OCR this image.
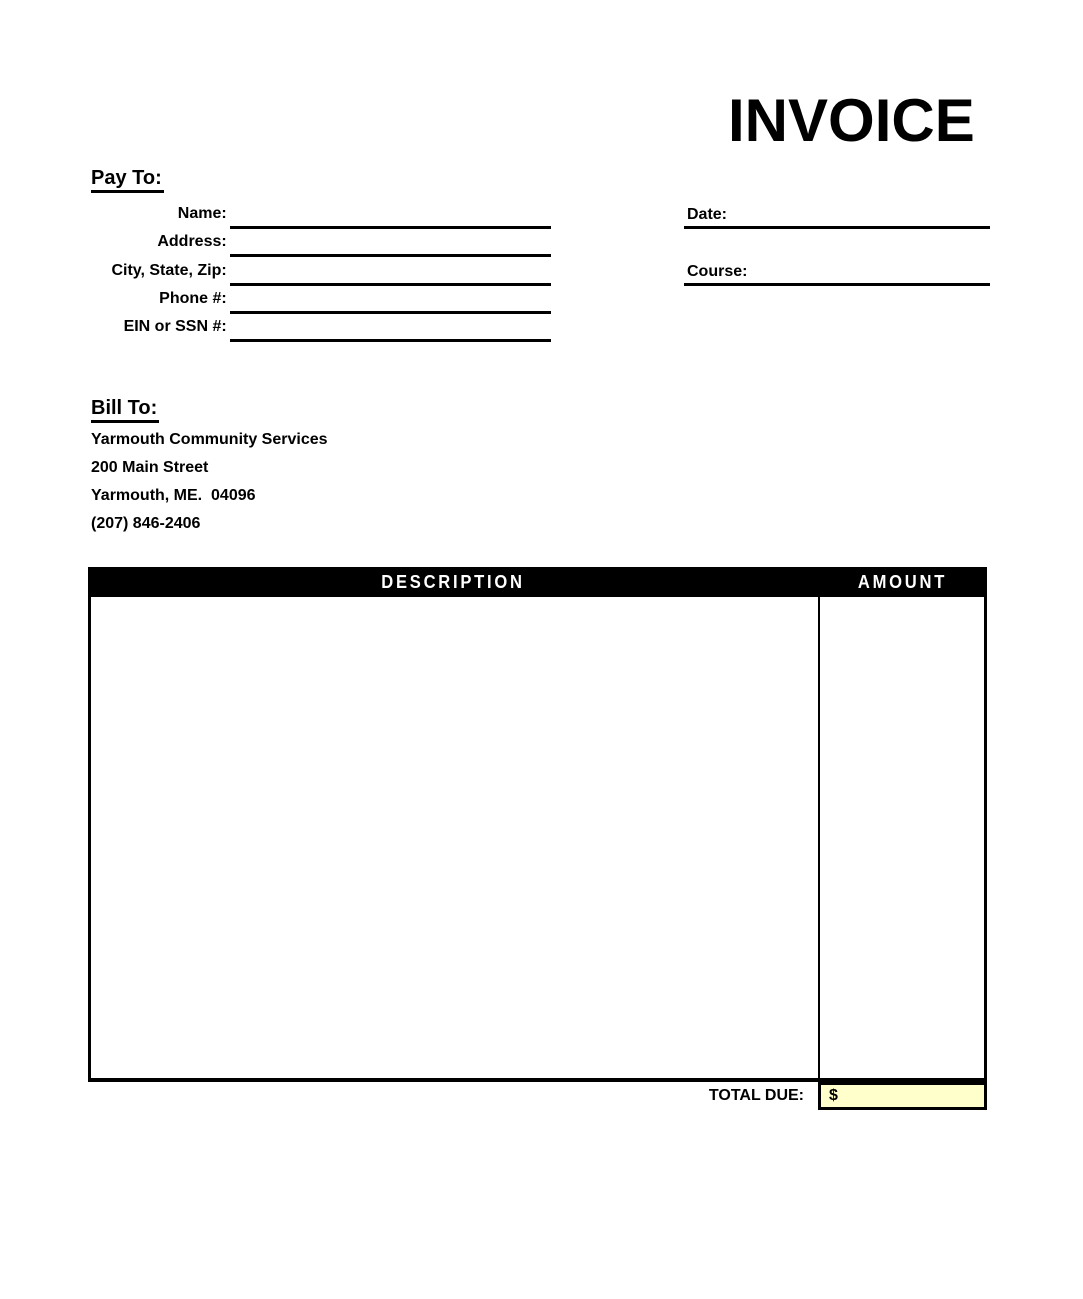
INVOICE
Pay To:
Name:
Address:
City, State, Zip:
Phone #:
EIN or SSN #:
Date:
Course:
Bill To:
Yarmouth Community Services
200 Main Street
Yarmouth, ME.  04096
(207) 846-2406
DESCRIPTION	AMOUNT
TOTAL DUE:	$
